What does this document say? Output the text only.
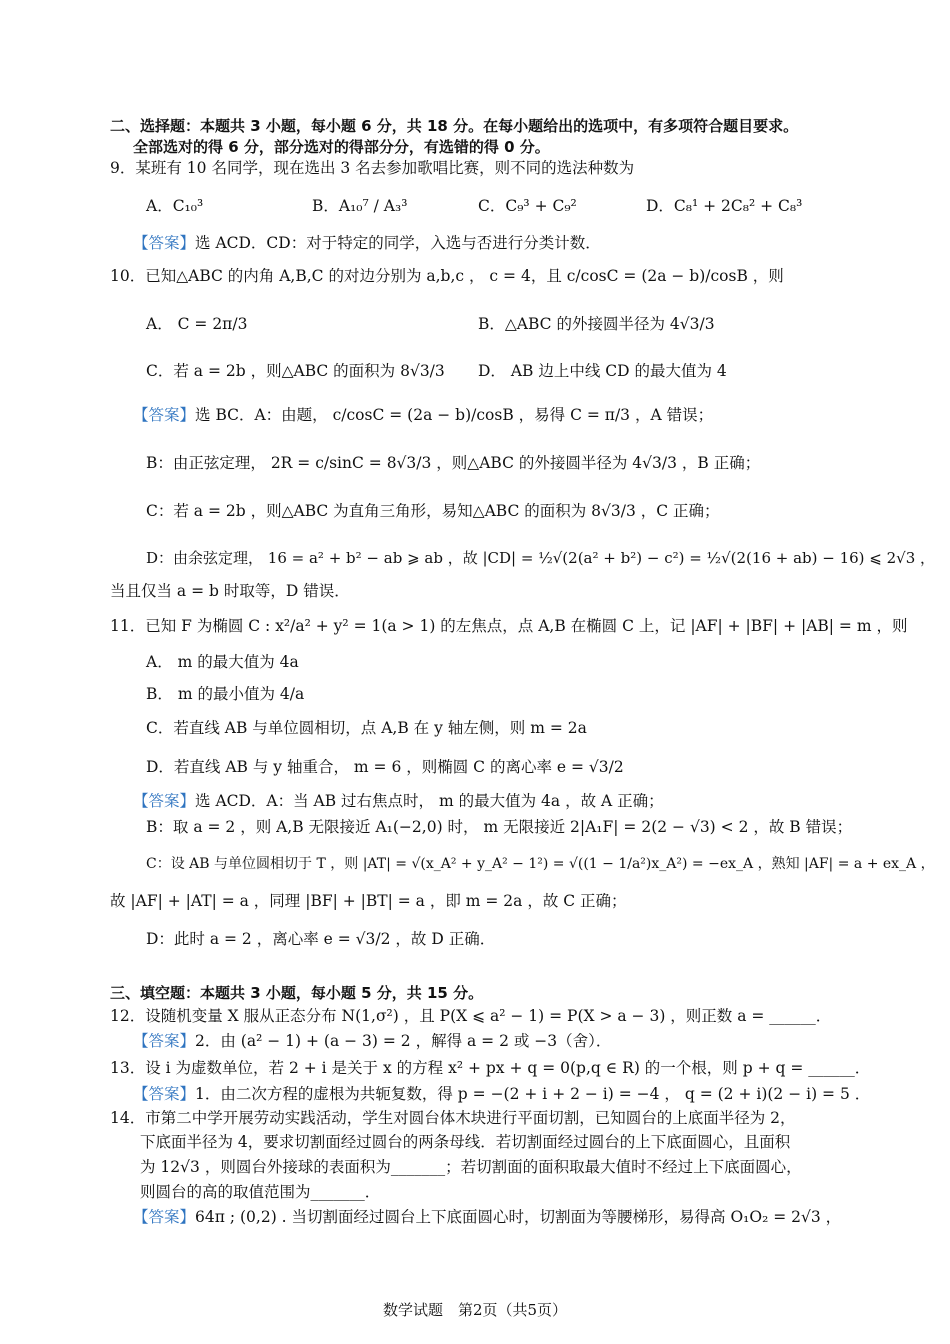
二、选择题：本题共 3 小题，每小题 6 分，共 18 分。在每小题给出的选项中，有多项符合题目要求。
全部选对的得 6 分，部分选对的得部分分，有选错的得 0 分。
9．某班有 10 名同学，现在选出 3 名去参加歌唱比赛，则不同的选法种数为
A．C₁₀³	B．A₁₀⁷ / A₃³	C．C₉³ + C₉²	D．C₈¹ + 2C₈² + C₈³
【答案】选 ACD．CD：对于特定的同学，入选与否进行分类计数．
10．已知△ABC 的内角 A,B,C 的对边分别为 a,b,c ， c = 4，且 c/cosC = (2a − b)/cosB ，则
A． C = 2π/3	B．△ABC 的外接圆半径为 4√3/3
C．若 a = 2b ，则△ABC 的面积为 8√3/3 D． AB 边上中线 CD 的最大值为 4
【答案】选 BC．A：由题， c/cosC = (2a − b)/cosB ，易得 C = π/3 ，A 错误；
B：由正弦定理， 2R = c/sinC = 8√3/3 ，则△ABC 的外接圆半径为 4√3/3 ，B 正确；
C：若 a = 2b ，则△ABC 为直角三角形，易知△ABC 的面积为 8√3/3 ，C 正确；
D：由余弦定理， 16 = a² + b² − ab ⩾ ab ，故 |CD| = ½√(2(a² + b²) − c²) = ½√(2(16 + ab) − 16) ⩽ 2√3 ，
当且仅当 a = b 时取等，D 错误．
11．已知 F 为椭圆 C : x²/a² + y² = 1(a > 1) 的左焦点，点 A,B 在椭圆 C 上，记 |AF| + |BF| + |AB| = m ，则
A． m 的最大值为 4a
B． m 的最小值为 4/a
C．若直线 AB 与单位圆相切，点 A,B 在 y 轴左侧，则 m = 2a
D．若直线 AB 与 y 轴重合， m = 6 ，则椭圆 C 的离心率 e = √3/2
【答案】选 ACD．A：当 AB 过右焦点时， m 的最大值为 4a ，故 A 正确；
B：取 a = 2 ，则 A,B 无限接近 A₁(−2,0) 时， m 无限接近 2|A₁F| = 2(2 − √3) < 2 ，故 B 错误；
C：设 AB 与单位圆相切于 T ，则 |AT| = √(x_A² + y_A² − 1²) = √((1 − 1/a²)x_A²) = −ex_A ，熟知 |AF| = a + ex_A ，
故 |AF| + |AT| = a ，同理 |BF| + |BT| = a ，即 m = 2a ，故 C 正确；
D：此时 a = 2 ，离心率 e = √3/2 ，故 D 正确．
三、填空题：本题共 3 小题，每小题 5 分，共 15 分。
12．设随机变量 X 服从正态分布 N(1,σ²) ，且 P(X ⩽ a² − 1) = P(X > a − 3) ，则正数 a = ______．
【答案】2．由 (a² − 1) + (a − 3) = 2 ，解得 a = 2 或 −3（舍）．
13．设 i 为虚数单位，若 2 + i 是关于 x 的方程 x² + px + q = 0(p,q ∈ R) 的一个根，则 p + q = ______．
【答案】1．由二次方程的虚根为共轭复数，得 p = −(2 + i + 2 − i) = −4 ， q = (2 + i)(2 − i) = 5 ．
14．市第二中学开展劳动实践活动，学生对圆台体木块进行平面切割，已知圆台的上底面半径为 2，
下底面半径为 4，要求切割面经过圆台的两条母线．若切割面经过圆台的上下底面圆心，且面积
为 12√3 ，则圆台外接球的表面积为_______；若切割面的面积取最大值时不经过上下底面圆心，
则圆台的高的取值范围为_______．
【答案】64π ; (0,2) . 当切割面经过圆台上下底面圆心时，切割面为等腰梯形，易得高 O₁O₂ = 2√3 ，
数学试题　第2页（共5页）
